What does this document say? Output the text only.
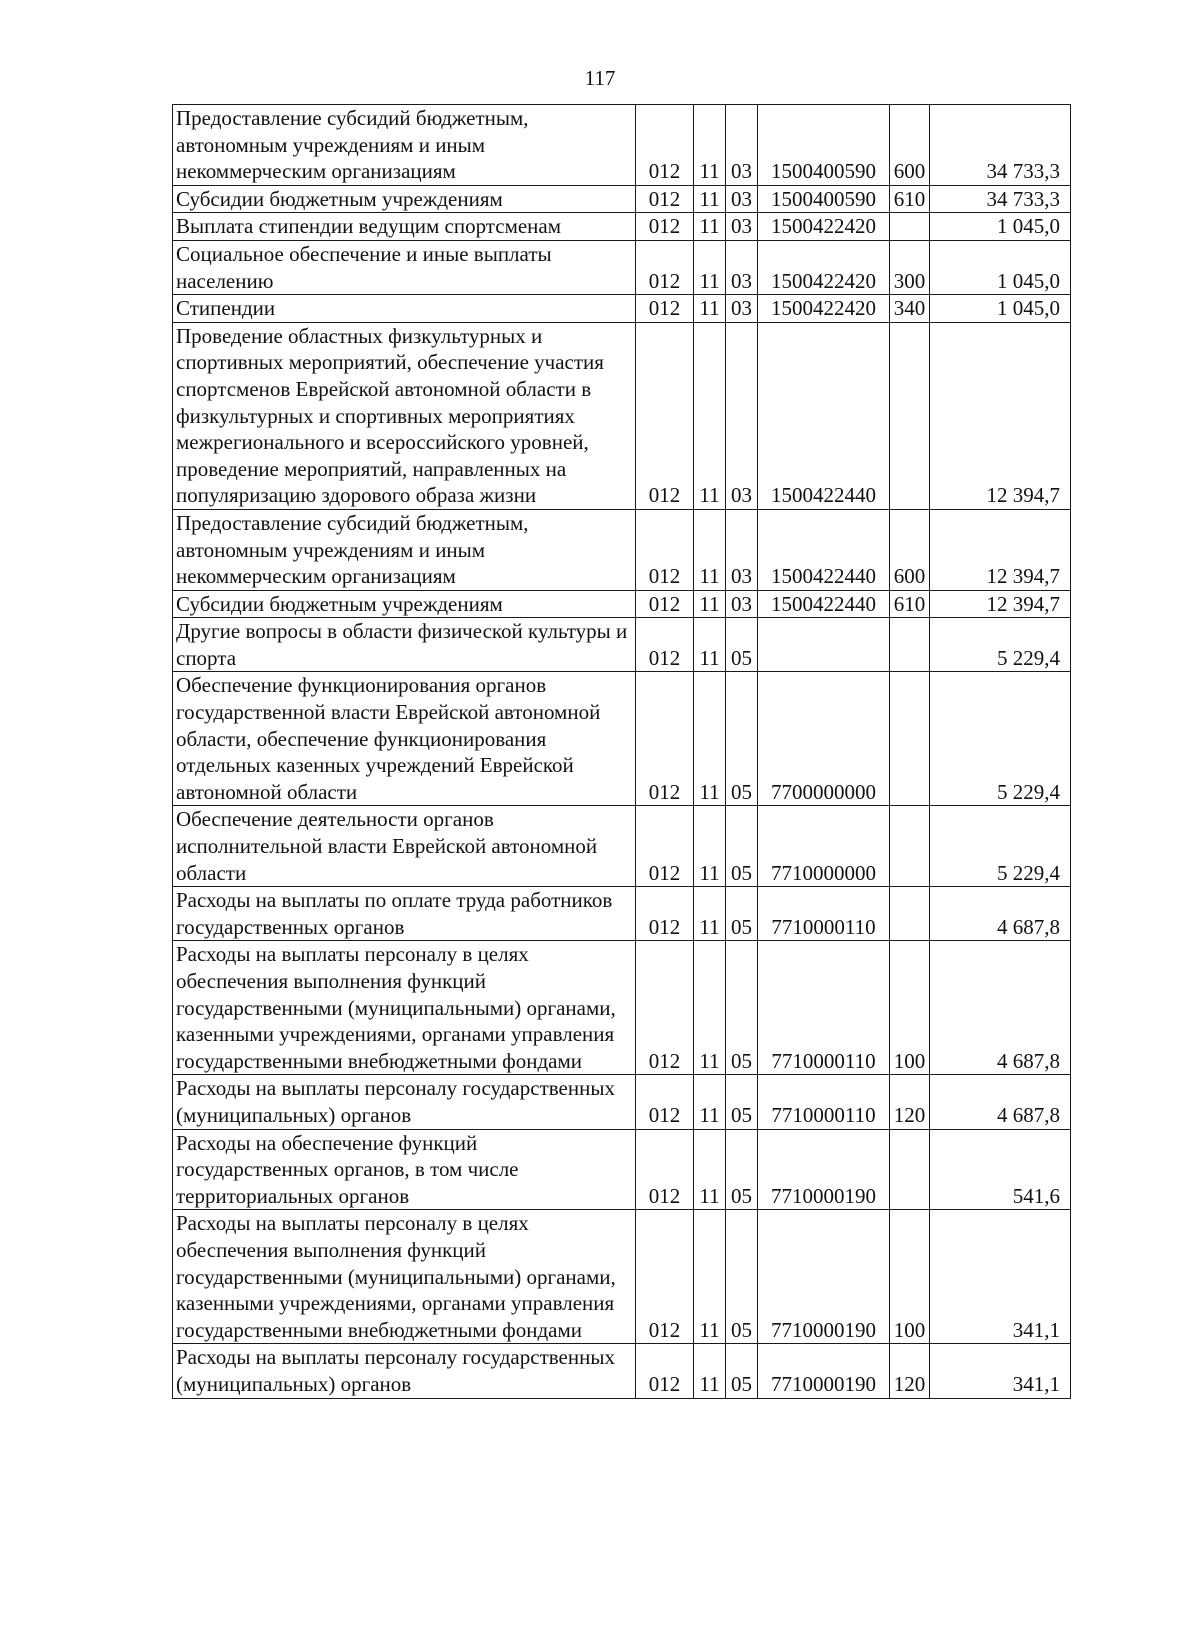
117
Предоставление субсидий бюджетным, автономным учреждениям и иным некоммерческим организациям	012	11	03	1500400590	600	34 733,3
Субсидии бюджетным учреждениям	012	11	03	1500400590	610	34 733,3
Выплата стипендии ведущим спортсменам	012	11	03	1500422420		1 045,0
Социальное обеспечение и иные выплаты населению	012	11	03	1500422420	300	1 045,0
Стипендии	012	11	03	1500422420	340	1 045,0
Проведение областных физкультурных и спортивных мероприятий, обеспечение участия спортсменов Еврейской автономной области в физкультурных и спортивных мероприятиях межрегионального и всероссийского уровней, проведение мероприятий, направленных на популяризацию здорового образа жизни	012	11	03	1500422440		12 394,7
Предоставление субсидий бюджетным, автономным учреждениям и иным некоммерческим организациям	012	11	03	1500422440	600	12 394,7
Субсидии бюджетным учреждениям	012	11	03	1500422440	610	12 394,7
Другие вопросы в области физической культуры и спорта	012	11	05			5 229,4
Обеспечение функционирования органов государственной власти Еврейской автономной области, обеспечение функционирования отдельных казенных учреждений Еврейской автономной области	012	11	05	7700000000		5 229,4
Обеспечение деятельности органов исполнительной власти Еврейской автономной области	012	11	05	7710000000		5 229,4
Расходы на выплаты по оплате труда работников государственных органов	012	11	05	7710000110		4 687,8
Расходы на выплаты персоналу в целях обеспечения выполнения функций государственными (муниципальными) органами, казенными учреждениями, органами управления государственными внебюджетными фондами	012	11	05	7710000110	100	4 687,8
Расходы на выплаты персоналу государственных (муниципальных) органов	012	11	05	7710000110	120	4 687,8
Расходы на обеспечение функций государственных органов, в том числе территориальных органов	012	11	05	7710000190		541,6
Расходы на выплаты персоналу в целях обеспечения выполнения функций государственными (муниципальными) органами, казенными учреждениями, органами управления государственными внебюджетными фондами	012	11	05	7710000190	100	341,1
Расходы на выплаты персоналу государственных (муниципальных) органов	012	11	05	7710000190	120	341,1
